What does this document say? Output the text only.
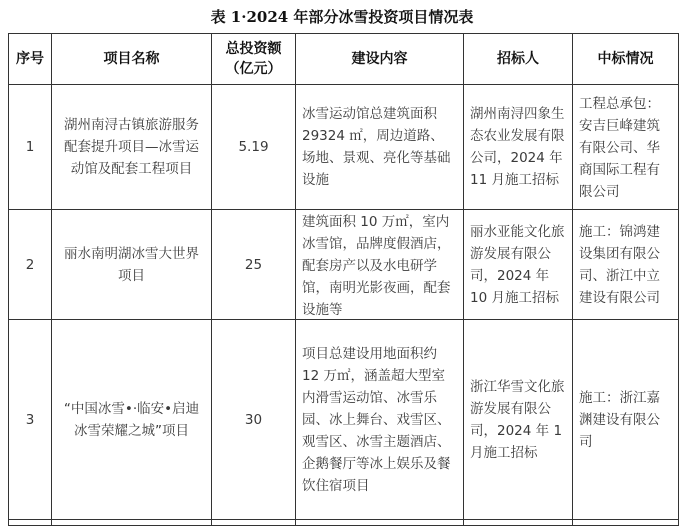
表 1·2024 年部分冰雪投资项目情况表
序号	项目名称	总投资额（亿元）	建设内容	招标人	中标情况
1	湖州南浔古镇旅游服务配套提升项目—冰雪运动馆及配套工程项目	5.19	冰雪运动馆总建筑面积 29324 ㎡，周边道路、场地、景观、亮化等基础设施	湖州南浔四象生态农业发展有限公司，2024 年 11 月施工招标	工程总承包：安吉巨峰建筑有限公司、华商国际工程有限公司

2	丽水南明湖冰雪大世界项目	25	建筑面积 10 万㎡，室内冰雪馆，品牌度假酒店，配套房产以及水电研学馆，南明光影夜画，配套设施等	丽水亚能文化旅游发展有限公司，2024 年 10 月施工招标	施工：锦鸿建设集团有限公司、浙江中立建设有限公司

3	“中国冰雪•·临安•启迪冰雪荣耀之城”项目	30	项目总建设用地面积约 12 万㎡，涵盖超大型室内滑雪运动馆、冰雪乐园、冰上舞台、戏雪区、观雪区、冰雪主题酒店、企鹅餐厅等冰上娱乐及餐饮住宿项目	浙江华雪文化旅游发展有限公司，2024 年 1 月施工招标	施工：浙江嘉渊建设有限公司
